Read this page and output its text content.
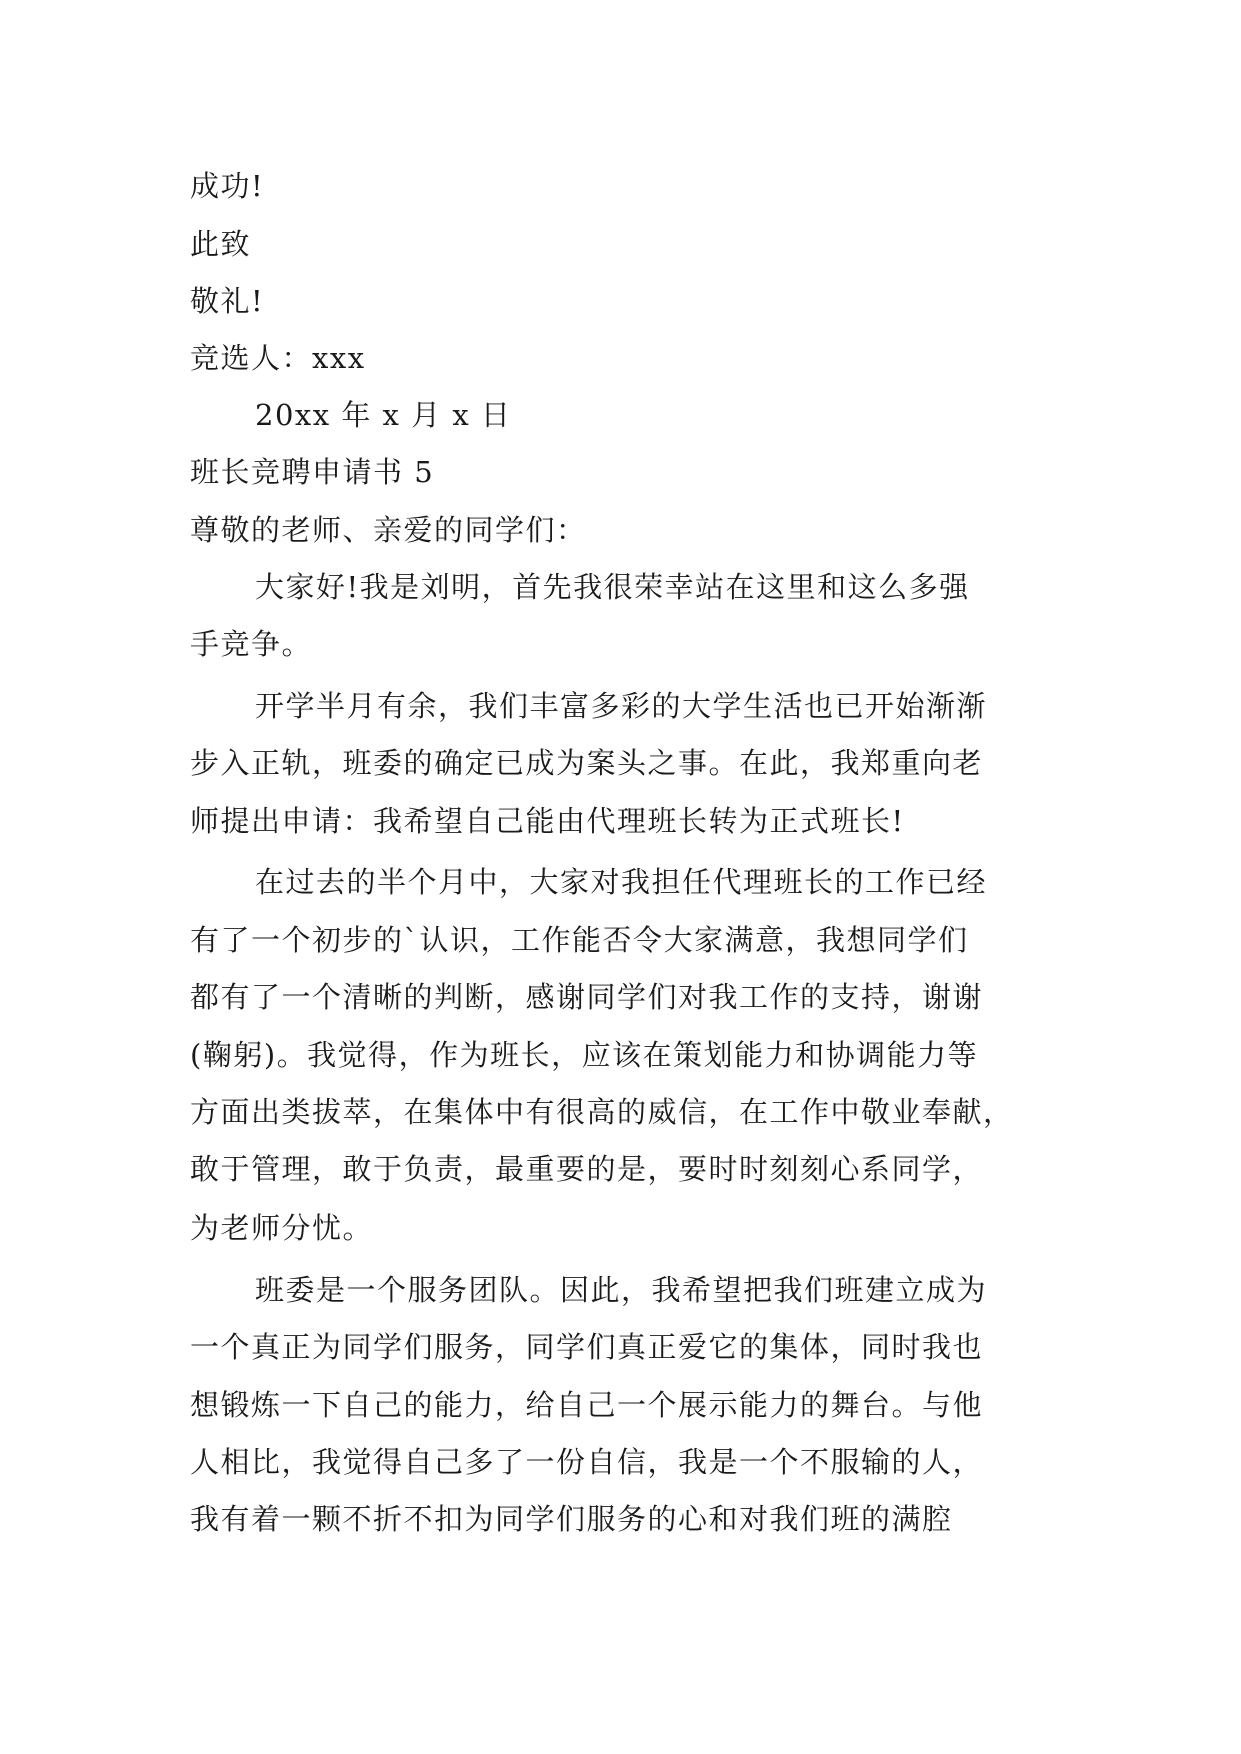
成功!
此致
敬礼!
竞选人：xxx
20xx 年 x 月 x 日
班长竞聘申请书 5
尊敬的老师、亲爱的同学们：
大家好!我是刘明，首先我很荣幸站在这里和这么多强
手竞争。
开学半月有余，我们丰富多彩的大学生活也已开始渐渐
步入正轨，班委的确定已成为案头之事。在此，我郑重向老
师提出申请：我希望自己能由代理班长转为正式班长!
在过去的半个月中，大家对我担任代理班长的工作已经
有了一个初步的`认识，工作能否令大家满意，我想同学们
都有了一个清晰的判断，感谢同学们对我工作的支持，谢谢
(鞠躬)。我觉得，作为班长，应该在策划能力和协调能力等
方面出类拔萃，在集体中有很高的威信，在工作中敬业奉献，
敢于管理，敢于负责，最重要的是，要时时刻刻心系同学，
为老师分忧。
班委是一个服务团队。因此，我希望把我们班建立成为
一个真正为同学们服务，同学们真正爱它的集体，同时我也
想锻炼一下自己的能力，给自己一个展示能力的舞台。与他
人相比，我觉得自己多了一份自信，我是一个不服输的人，
我有着一颗不折不扣为同学们服务的心和对我们班的满腔
